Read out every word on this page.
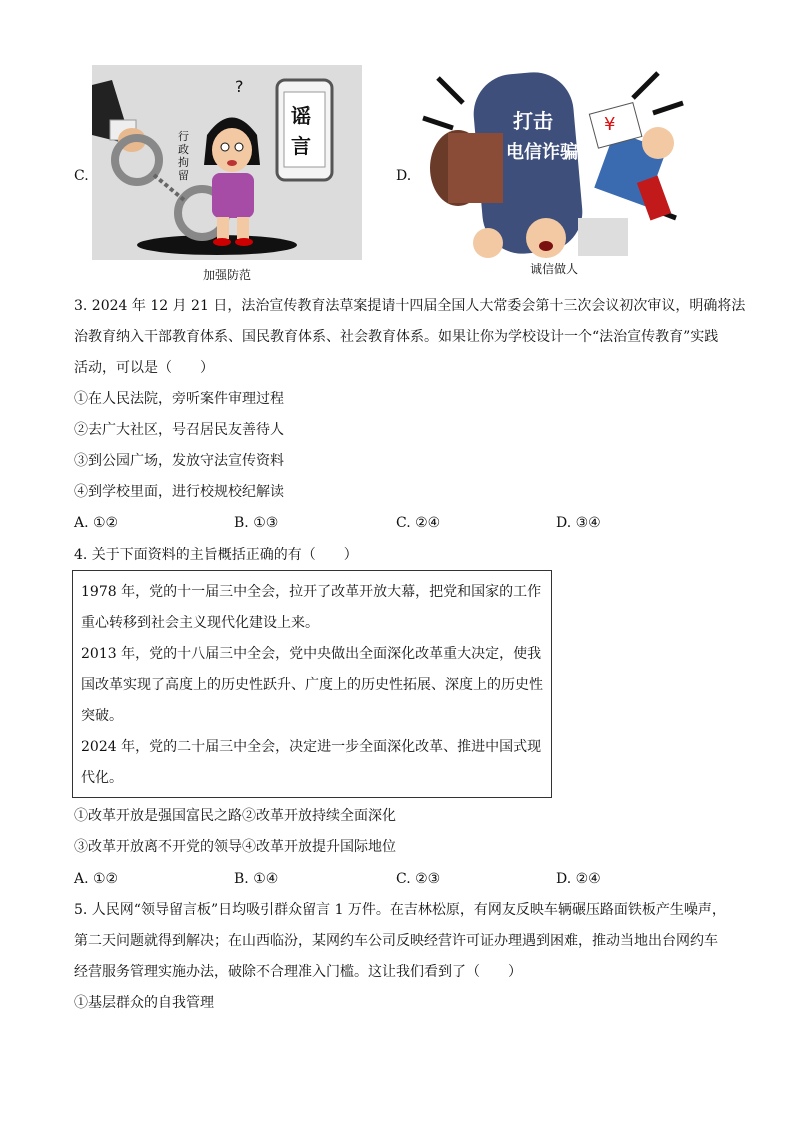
C.
?
行政拘留
谣
言
加强防范
D.
打击
电信诈骗
¥
诚信做人
3. 2024 年 12 月 21 日，法治宣传教育法草案提请十四届全国人大常委会第十三次会议初次审议，明确将法
治教育纳入干部教育体系、国民教育体系、社会教育体系。如果让你为学校设计一个“法治宣传教育”实践
活动，可以是（　　）
①在人民法院，旁听案件审理过程
②去广大社区，号召居民友善待人
③到公园广场，发放守法宣传资料
④到学校里面，进行校规校纪解读
A. ①②	B. ①③	C. ②④	D. ③④
4. 关于下面资料的主旨概括正确的有（　　）
1978 年，党的十一届三中全会，拉开了改革开放大幕，把党和国家的工作
重心转移到社会主义现代化建设上来。
2013 年，党的十八届三中全会，党中央做出全面深化改革重大决定，使我
国改革实现了高度上的历史性跃升、广度上的历史性拓展、深度上的历史性
突破。
2024 年，党的二十届三中全会，决定进一步全面深化改革、推进中国式现
代化。
①改革开放是强国富民之路②改革开放持续全面深化
③改革开放离不开党的领导④改革开放提升国际地位
A. ①②	B. ①④	C. ②③	D. ②④
5. 人民网“领导留言板”日均吸引群众留言 1 万件。在吉林松原，有网友反映车辆碾压路面铁板产生噪声，
第二天问题就得到解决；在山西临汾，某网约车公司反映经营许可证办理遇到困难，推动当地出台网约车
经营服务管理实施办法，破除不合理准入门槛。这让我们看到了（　　）
①基层群众的自我管理
